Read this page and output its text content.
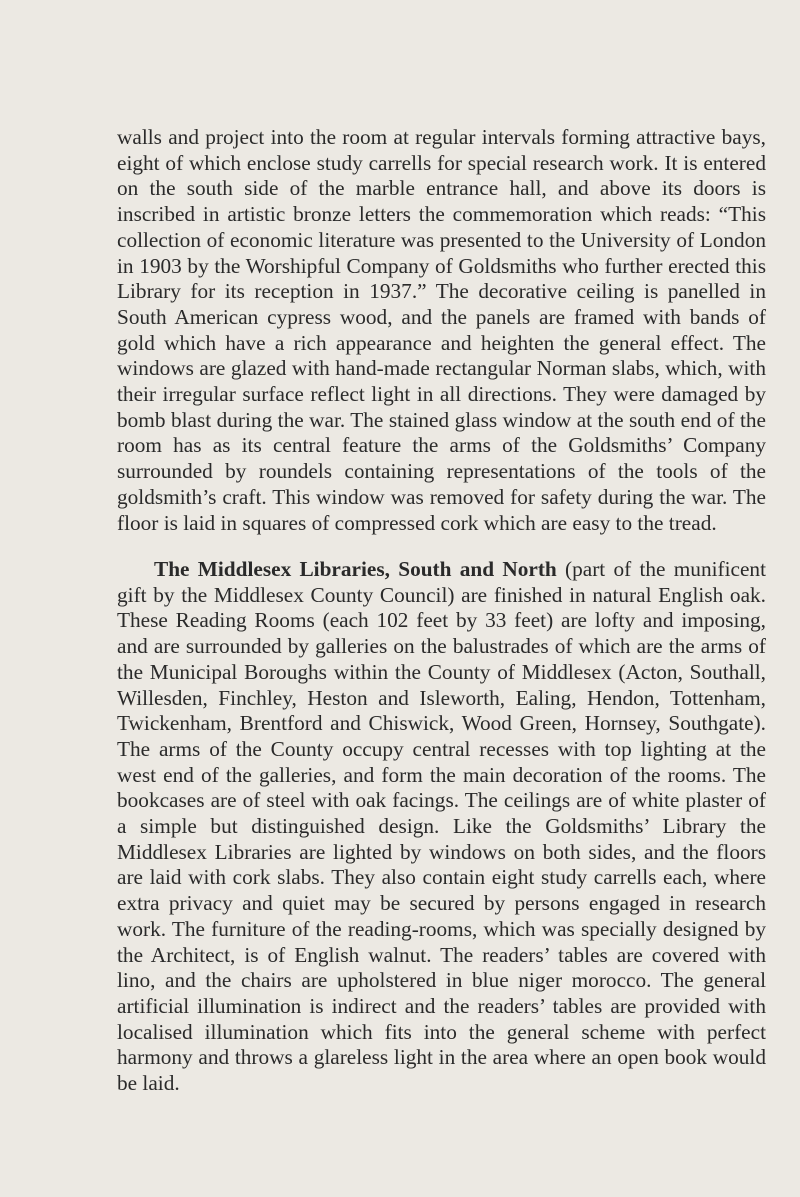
walls and project into the room at regular intervals forming attractive bays, eight of which enclose study carrells for special research work. It is entered on the south side of the marble entrance hall, and above its doors is inscribed in artistic bronze letters the commemoration which reads: “This collection of economic literature was presented to the University of London in 1903 by the Worshipful Company of Goldsmiths who further erected this Library for its reception in 1937.” The decorative ceiling is panelled in South American cypress wood, and the panels are framed with bands of gold which have a rich appearance and heighten the general effect. The windows are glazed with hand-made rectangular Norman slabs, which, with their irregular surface reflect light in all directions. They were damaged by bomb blast during the war. The stained glass window at the south end of the room has as its central feature the arms of the Goldsmiths’ Company surrounded by roundels containing representations of the tools of the goldsmith’s craft. This window was removed for safety during the war. The floor is laid in squares of compressed cork which are easy to the tread.

The Middlesex Libraries, South and North (part of the munificent gift by the Middlesex County Council) are finished in natural English oak. These Reading Rooms (each 102 feet by 33 feet) are lofty and imposing, and are surrounded by galleries on the balustrades of which are the arms of the Municipal Boroughs within the County of Middlesex (Acton, Southall, Willesden, Finchley, Heston and Isleworth, Ealing, Hendon, Tottenham, Twickenham, Brentford and Chiswick, Wood Green, Hornsey, Southgate). The arms of the County occupy central recesses with top lighting at the west end of the galleries, and form the main decoration of the rooms. The bookcases are of steel with oak facings. The ceilings are of white plaster of a simple but distinguished design. Like the Goldsmiths’ Library the Middlesex Libraries are lighted by windows on both sides, and the floors are laid with cork slabs. They also contain eight study carrells each, where extra privacy and quiet may be secured by persons engaged in research work. The furniture of the reading-rooms, which was specially designed by the Architect, is of English walnut. The readers’ tables are covered with lino, and the chairs are upholstered in blue niger morocco. The general artificial illumination is indirect and the readers’ tables are provided with localised illumination which fits into the general scheme with perfect harmony and throws a glareless light in the area where an open book would be laid.
